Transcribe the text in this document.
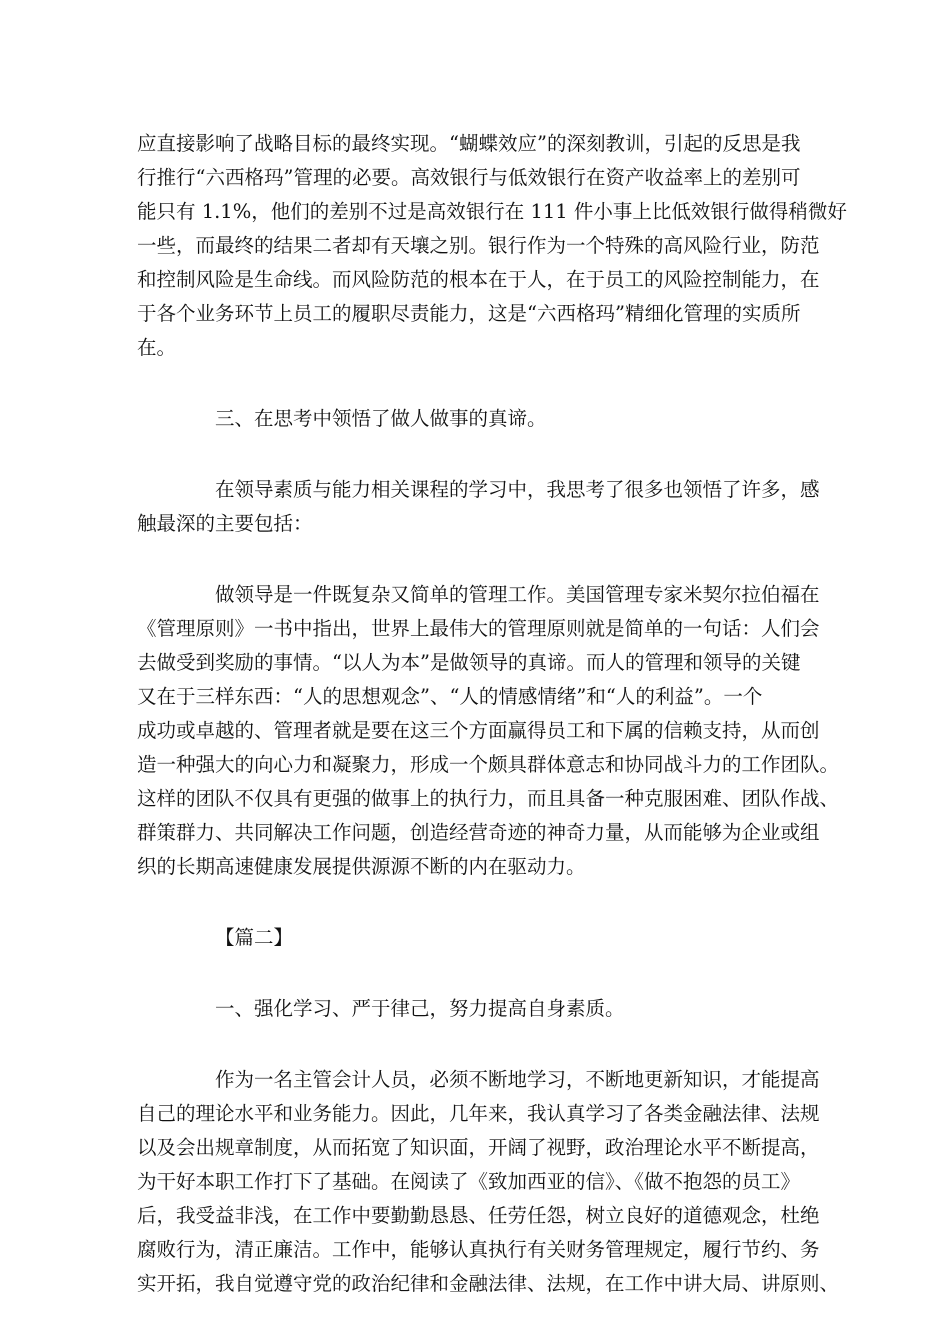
应直接影响了战略目标的最终实现。“蝴蝶效应”的深刻教训，引起的反思是我
行推行“六西格玛”管理的必要。高效银行与低效银行在资产收益率上的差别可
能只有 1.1%，他们的差别不过是高效银行在 111 件小事上比低效银行做得稍微好
一些，而最终的结果二者却有天壤之别。银行作为一个特殊的高风险行业，防范
和控制风险是生命线。而风险防范的根本在于人，在于员工的风险控制能力，在
于各个业务环节上员工的履职尽责能力，这是“六西格玛”精细化管理的实质所
在。
三、在思考中领悟了做人做事的真谛。
在领导素质与能力相关课程的学习中，我思考了很多也领悟了许多，感
触最深的主要包括：
做领导是一件既复杂又简单的管理工作。美国管理专家米契尔拉伯福在
《管理原则》一书中指出，世界上最伟大的管理原则就是简单的一句话：人们会
去做受到奖励的事情。“以人为本”是做领导的真谛。而人的管理和领导的关键
又在于三样东西：“人的思想观念”、“人的情感情绪”和“人的利益”。一个
成功或卓越的、管理者就是要在这三个方面赢得员工和下属的信赖支持，从而创
造一种强大的向心力和凝聚力，形成一个颇具群体意志和协同战斗力的工作团队。
这样的团队不仅具有更强的做事上的执行力，而且具备一种克服困难、团队作战、
群策群力、共同解决工作问题，创造经营奇迹的神奇力量，从而能够为企业或组
织的长期高速健康发展提供源源不断的内在驱动力。
【篇二】
一、强化学习、严于律己，努力提高自身素质。
作为一名主管会计人员，必须不断地学习，不断地更新知识，才能提高
自己的理论水平和业务能力。因此，几年来，我认真学习了各类金融法律、法规
以及会出规章制度，从而拓宽了知识面，开阔了视野，政治理论水平不断提高，
为干好本职工作打下了基础。在阅读了《致加西亚的信》、《做不抱怨的员工》
后，我受益非浅，在工作中要勤勤恳恳、任劳任怨，树立良好的道德观念，杜绝
腐败行为，清正廉洁。工作中，能够认真执行有关财务管理规定，履行节约、务
实开拓，我自觉遵守党的政治纪律和金融法律、法规，在工作中讲大局、讲原则、
